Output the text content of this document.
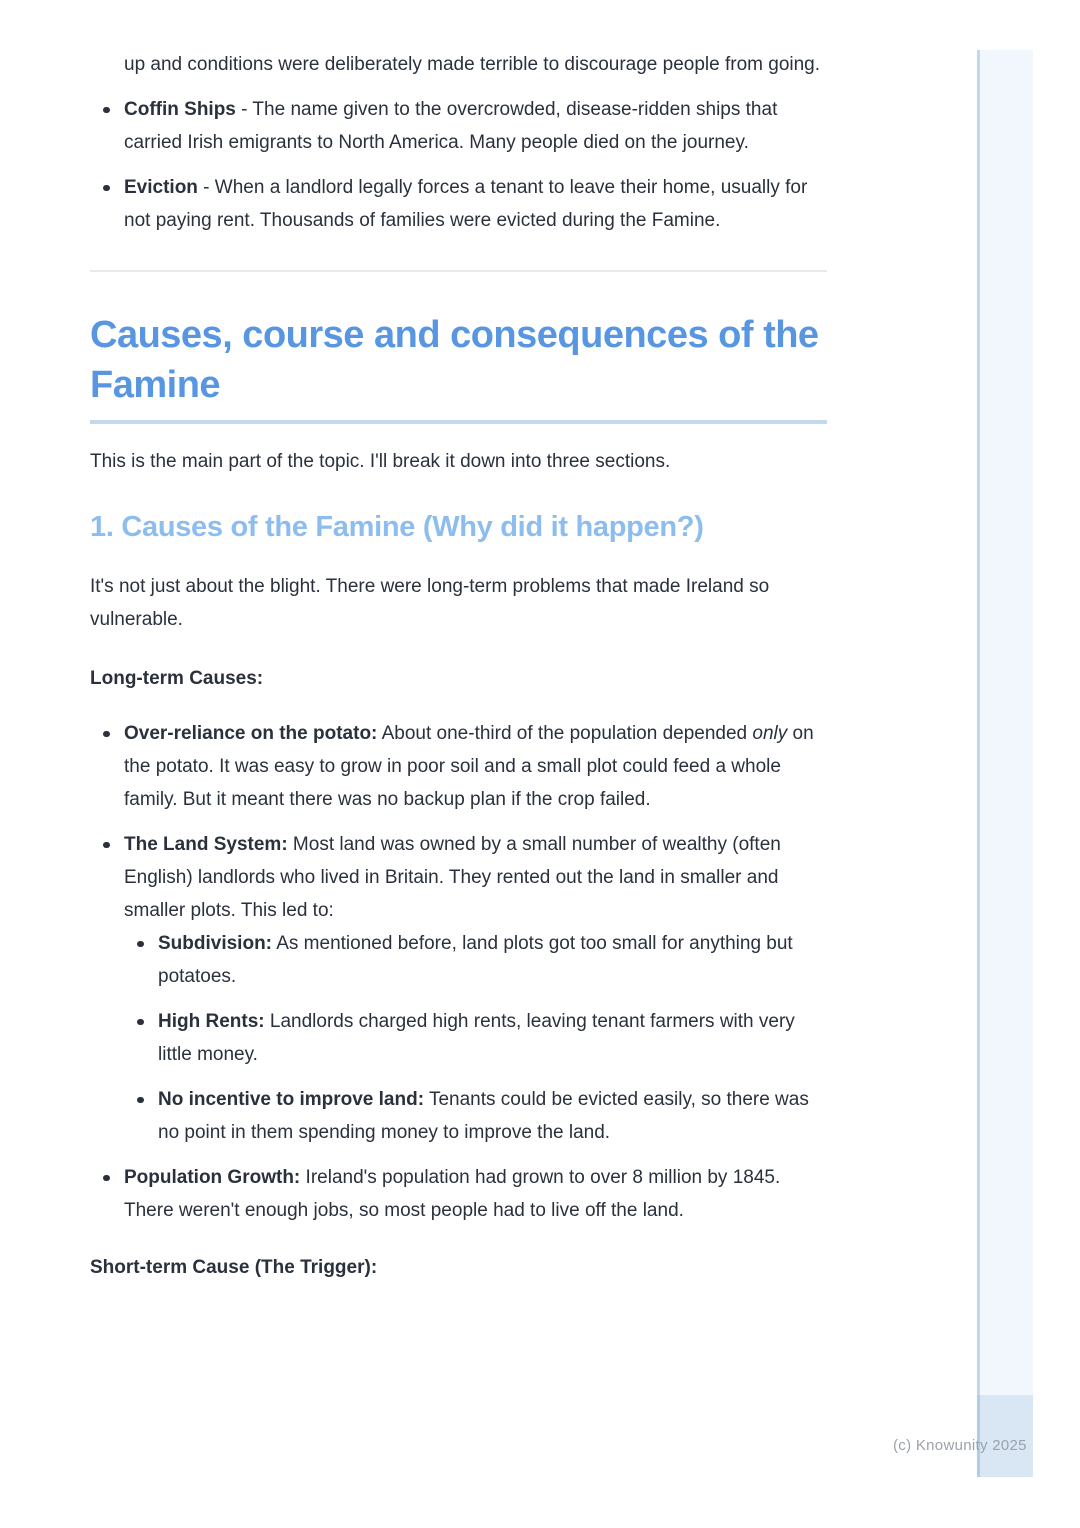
up and conditions were deliberately made terrible to discourage people from going.

Coffin Ships - The name given to the overcrowded, disease-ridden ships that carried Irish emigrants to North America. Many people died on the journey.
Eviction - When a landlord legally forces a tenant to leave their home, usually for not paying rent. Thousands of families were evicted during the Famine.
Causes, course and consequences of the Famine

This is the main part of the topic. I'll break it down into three sections.

1. Causes of the Famine (Why did it happen?)

It's not just about the blight. There were long-term problems that made Ireland so vulnerable.

Long-term Causes:

Over-reliance on the potato: About one-third of the population depended only on the potato. It was easy to grow in poor soil and a small plot could feed a whole family. But it meant there was no backup plan if the crop failed.
The Land System: Most land was owned by a small number of wealthy (often English) landlords who lived in Britain. They rented out the land in smaller and smaller plots. This led to:
Subdivision: As mentioned before, land plots got too small for anything but potatoes.
High Rents: Landlords charged high rents, leaving tenant farmers with very little money.
No incentive to improve land: Tenants could be evicted easily, so there was no point in them spending money to improve the land.
Population Growth: Ireland's population had grown to over 8 million by 1845. There weren't enough jobs, so most people had to live off the land.

Short-term Cause (The Trigger):

(c) Knowunity 2025
